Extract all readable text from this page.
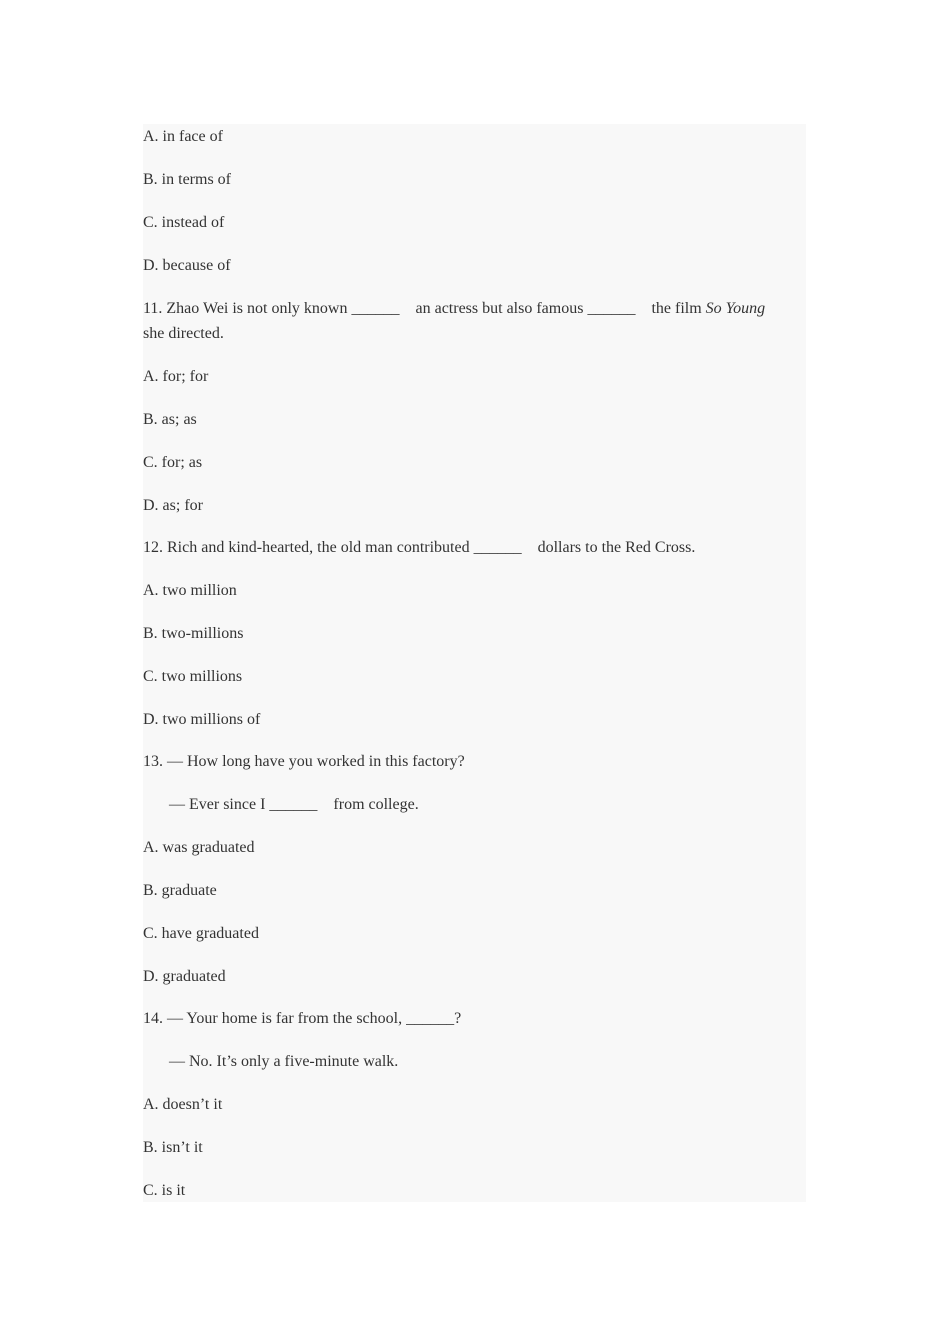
A. in face of
B. in terms of
C. instead of
D. because of
11. Zhao Wei is not only known ______ an actress but also famous ______ the film So Young she directed.
A. for; for
B. as; as
C. for; as
D. as; for
12. Rich and kind-hearted, the old man contributed ______ dollars to the Red Cross.
A. two million
B. two-millions
C. two millions
D. two millions of
13. — How long have you worked in this factory?
— Ever since I ______ from college.
A. was graduated
B. graduate
C. have graduated
D. graduated
14. — Your home is far from the school, ______?
— No. It’s only a five-minute walk.
A. doesn’t it
B. isn’t it
C. is it
